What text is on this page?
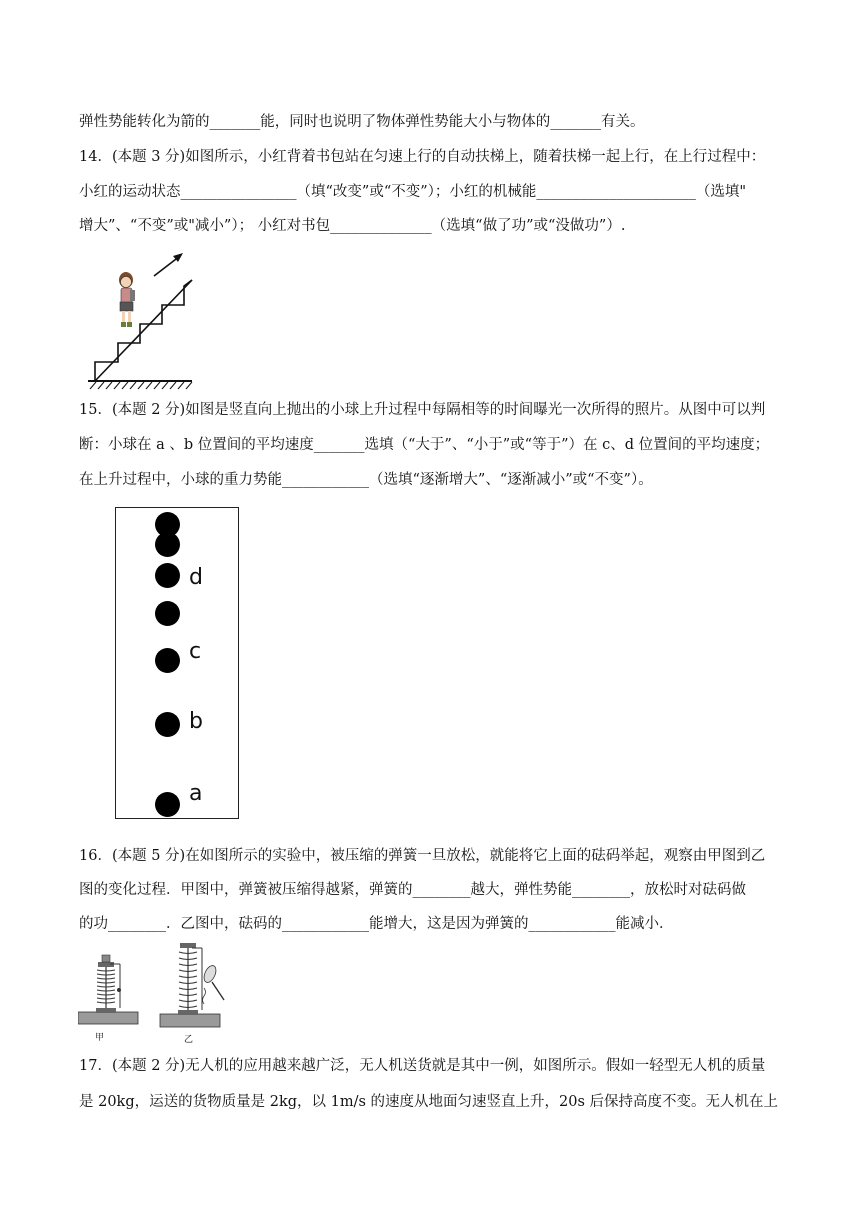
弹性势能转化为箭的_______能，同时也说明了物体弹性势能大小与物体的_______有关。
14．(本题 3 分)如图所示，小红背着书包站在匀速上行的自动扶梯上，随着扶梯一起上行，在上行过程中：
小红的运动状态________________（填“改变”或“不变”）；小红的机械能______________________（选填"
增大”、“不变”或"减小”）； 小红对书包______________（选填“做了功”或“没做功”）.
15．(本题 2 分)如图是竖直向上抛出的小球上升过程中每隔相等的时间曝光一次所得的照片。从图中可以判
断：小球在 a 、b 位置间的平均速度_______选填（“大于”、“小于”或“等于”）在 c、d 位置间的平均速度；
在上升过程中，小球的重力势能____________（选填“逐渐增大”、“逐渐减小”或“不变”）。
d
c
b
a
16．(本题 5 分)在如图所示的实验中，被压缩的弹簧一旦放松，就能将它上面的砝码举起，观察由甲图到乙
图的变化过程．甲图中，弹簧被压缩得越紧，弹簧的________越大，弹性势能________，放松时对砝码做
的功________．乙图中，砝码的____________能增大，这是因为弹簧的____________能减小．
甲	乙
17．(本题 2 分)无人机的应用越来越广泛，无人机送货就是其中一例，如图所示。假如一轻型无人机的质量
是 20kg，运送的货物质量是 2kg，以 1m/s 的速度从地面匀速竖直上升，20s 后保持高度不变。无人机在上
